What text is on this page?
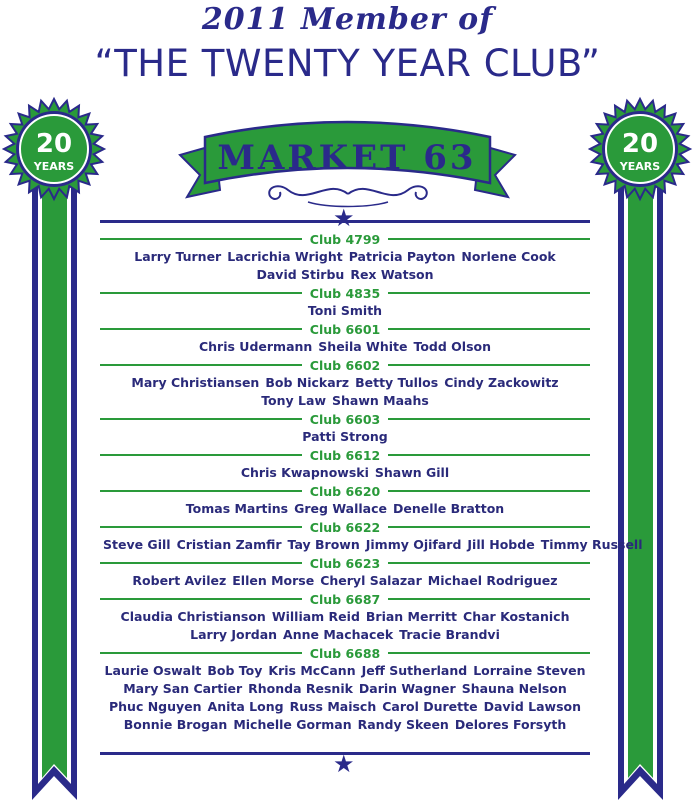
2011 Member of
“THE TWENTY YEAR CLUB”
20
YEARS
20
YEARS
MARKET 63
★
★
Club 4799
Larry Turner Lacrichia Wright Patricia Payton Norlene Cook
David Stirbu Rex Watson
Club 4835
Toni Smith
Club 6601
Chris Udermann Sheila White Todd Olson
Club 6602
Mary Christiansen Bob Nickarz Betty Tullos Cindy Zackowitz
Tony Law Shawn Maahs
Club 6603
Patti Strong
Club 6612
Chris Kwapnowski Shawn Gill
Club 6620
Tomas Martins Greg Wallace Denelle Bratton
Club 6622
Steve Gill Cristian Zamfir Tay Brown Jimmy Ojifard Jill Hobde Timmy Russell
Club 6623
Robert Avilez Ellen Morse Cheryl Salazar Michael Rodriguez
Club 6687
Claudia Christianson William Reid Brian Merritt Char Kostanich
Larry Jordan Anne Machacek Tracie Brandvi
Club 6688
Laurie Oswalt Bob Toy Kris McCann Jeff Sutherland Lorraine Steven
Mary San Cartier Rhonda Resnik Darin Wagner Shauna Nelson
Phuc Nguyen Anita Long Russ Maisch Carol Durette David Lawson
Bonnie Brogan Michelle Gorman Randy Skeen Delores Forsyth
